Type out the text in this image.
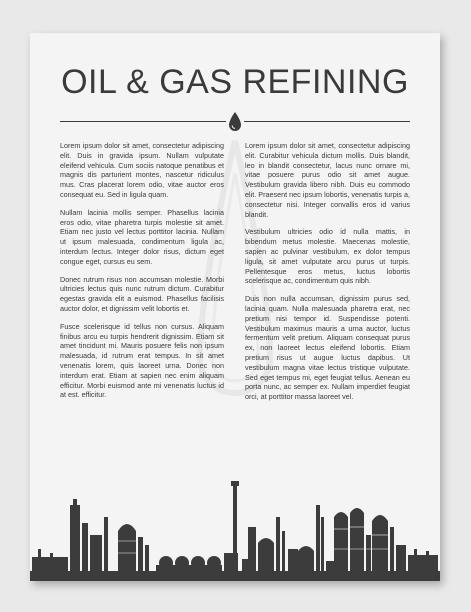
OIL & GAS REFINING

Lorem ipsum dolor sit amet, consectetur adipiscing elit. Duis in gravida ipsum. Nullam vulputate eleifend vehicula. Cum sociis natoque penatibus et magnis dis parturient montes, nascetur ridiculus mus. Cras placerat lorem odio, vitae auctor eros consequat eu. Sed in ligula quam.

Nullam lacinia mollis semper. Phasellus lacinia eros odio, vitae pharetra turpis molestie sit amet. Etiam nec justo vel lectus porttitor lacinia. Nullam ut ipsum malesuada, condimentum ligula ac, interdum lectus. Integer dolor risus, dictum eget congue eget, cursus eu sem.

Donec rutrum risus non accumsan molestie. Morbi ultricies lectus quis nunc rutrum dictum. Curabitur egestas gravida elit a euismod. Phasellus facilisis auctor dolor, et dignissim velit lobortis et.

Fusce scelerisque id tellus non cursus. Aliquam finibus arcu eu turpis hendrerit dignissim. Etiam sit amet tincidunt mi. Mauris posuere felis non ipsum malesuada, id rutrum erat tempus. In sit amet venenatis lorem, quis laoreet urna. Donec non interdum erat. Etiam at sapien nec enim aliquam efficitur. Morbi euismod ante mi venenatis luctus id at est. efficitur.

Lorem ipsum dolor sit amet, consectetur adipiscing elit. Curabitur vehicula dictum mollis. Duis blandit, leo in blandit consectetur, lacus nunc ornare mi, vitae posuere purus odio sit amet augue. Vestibulum gravida libero nibh. Duis eu commodo elit. Praesent nec ipsum lobortis, venenatis turpis a, consectetur nisi. Integer convallis eros id varius blandit.

Vestibulum ultricies odio id nulla mattis, in bibendum metus molestie. Maecenas molestie, sapien ac pulvinar vestibulum, ex dolor tempus ligula, sit amet vulputate arcu purus ut turpis. Pellentesque eros metus, luctus lobortis scelerisque ac, condimentum quis nibh.

Duis non nulla accumsan, dignissim purus sed, lacinia quam. Nulla malesuada pharetra erat, nec pretium nisi tempor id. Suspendisse potenti. Vestibulum maximus mauris a urna auctor, luctus fermentum velit pretium. Aliquam consequat purus ex, non laoreet lectus eleifend lobortis. Etiam pretium risus ut augue luctus dapibus. Ut vestibulum magna vitae lectus tristique vulputate. Sed eget tempus mi, eget feugiat tellus. Aenean eu porta nunc, ac semper ex. Nullam imperdiet feugiat orci, at porttitor massa laoreet vel.
